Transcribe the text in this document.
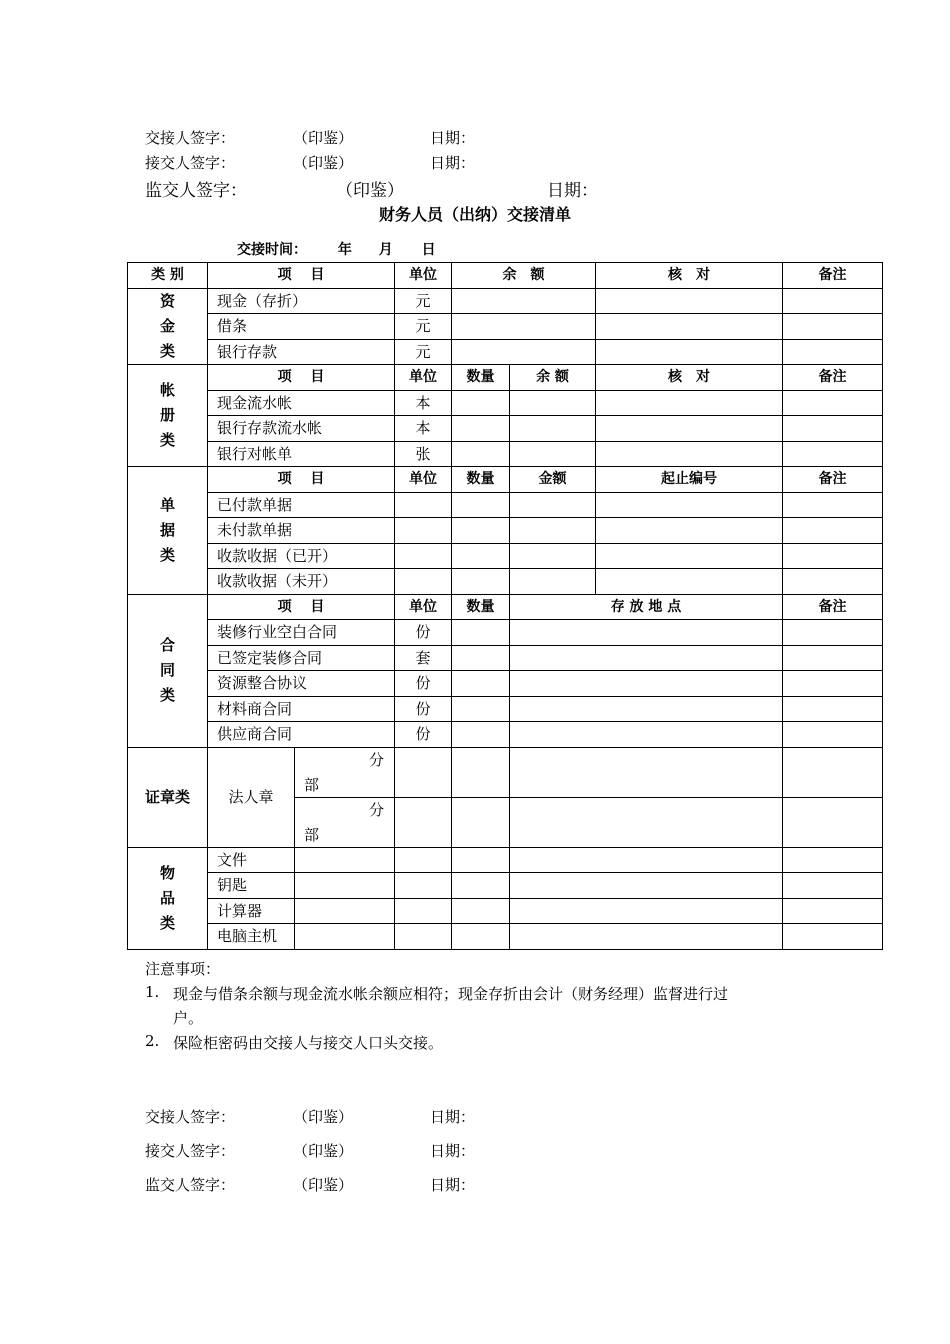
交接人签字：	（印鉴）	日期：
接交人签字：	（印鉴）	日期：
监交人签字：	（印鉴）	日期：
财务人员（出纳）交接清单
交接时间： 年 月 日
类 别	项　 目		单位	余　额		核　对	备注
资金类	现金（存折）		元				
	借条		元				
	银行存款		元				
帐册类	项　 目		单位	数量	余 额	核　对	备注
	现金流水帐		本				
	银行存款流水帐		本				
	银行对帐单		张				
单据类	项　 目		单位	数量	金额	起止编号	备注
	已付款单据						
	未付款单据						
	收款收据（已开）						
	收款收据（未开）						
合同类	项　 目		单位	数量	存 放 地 点		备注
	装修行业空白合同		份				
	已签定装修合同		套				
	资源整合协议		份				
	材料商合同		份				
	供应商合同		份				
证章类	法人章	分
部					

		分
部					

物品类	文件						
	钥匙						
	计算器						
	电脑主机						
注意事项：
1. 现金与借条余额与现金流水帐余额应相符；现金存折由会计（财务经理）监督进行过
户。
2. 保险柜密码由交接人与接交人口头交接。
交接人签字：	（印鉴）	日期：
接交人签字：	（印鉴）	日期：
监交人签字：	（印鉴）	日期：
